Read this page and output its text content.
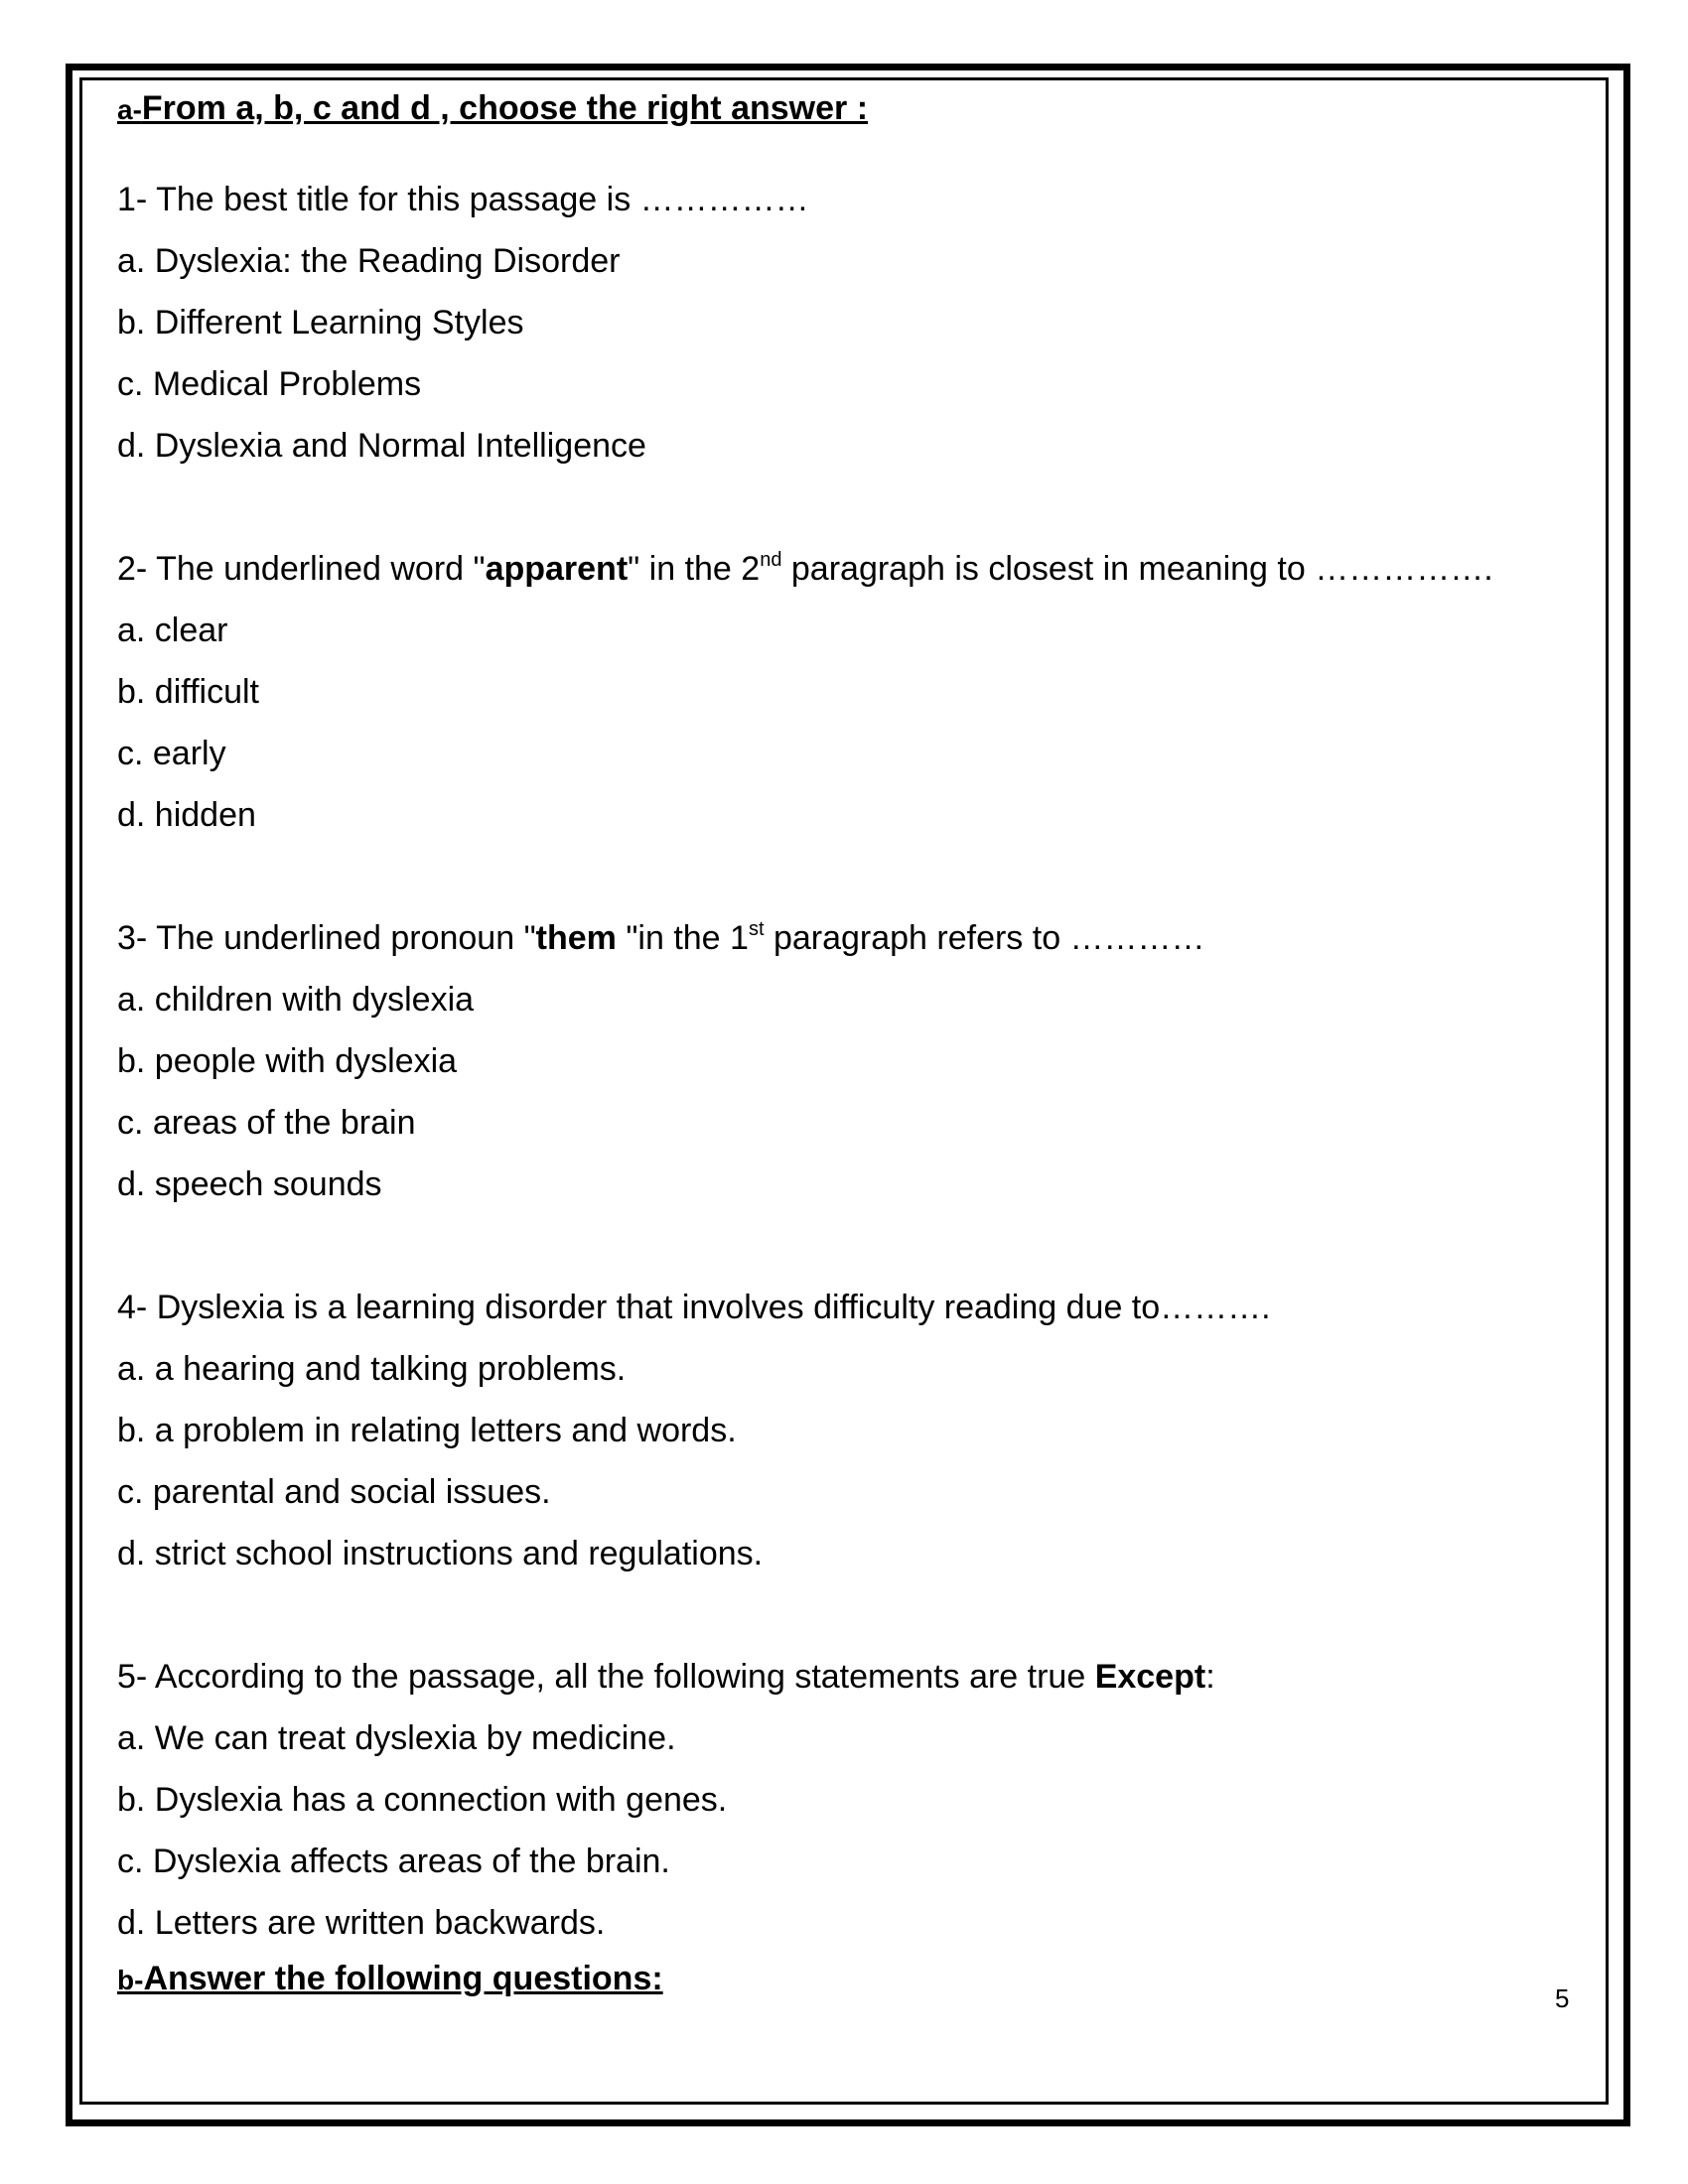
a-From a, b, c and d , choose the right answer :
1- The best title for this passage is ……………
a. Dyslexia: the Reading Disorder
b. Different Learning Styles
c. Medical Problems
d. Dyslexia and Normal Intelligence
2- The underlined word "apparent" in the 2nd paragraph is closest in meaning to …………….
a. clear
b. difficult
c. early
d. hidden
3- The underlined pronoun "them "in the 1st paragraph refers to …………
a. children with dyslexia
b. people with dyslexia
c. areas of the brain
d. speech sounds
4- Dyslexia is a learning disorder that involves difficulty reading due to……….
a. a hearing and talking problems.
b. a problem in relating letters and words.
c. parental and social issues.
d. strict school instructions and regulations.
5- According to the passage, all the following statements are true Except:
a. We can treat dyslexia by medicine.
b. Dyslexia has a connection with genes.
c. Dyslexia affects areas of the brain.
d. Letters are written backwards.
b-Answer the following questions:
5
